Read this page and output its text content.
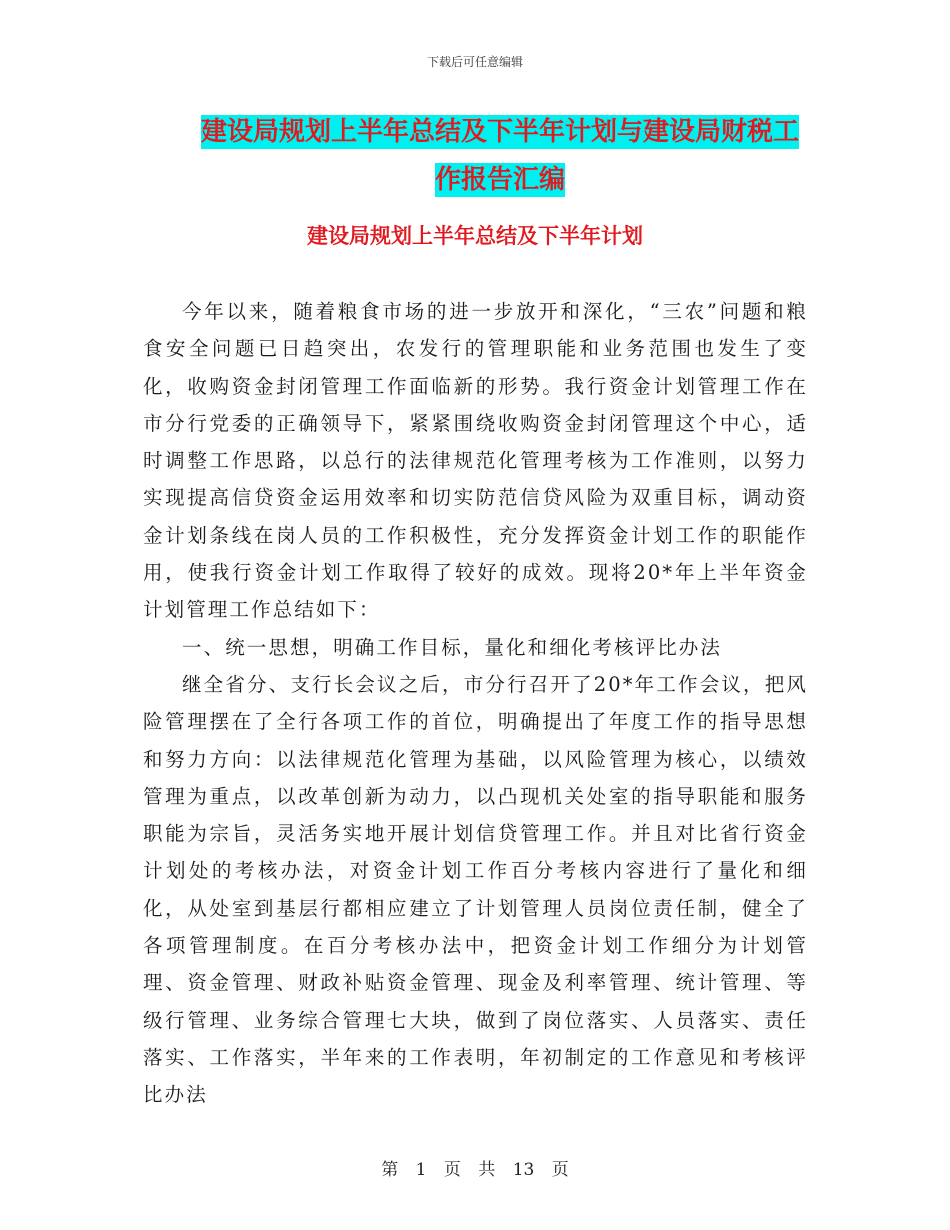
下载后可任意编辑
建设局规划上半年总结及下半年计划与建设局财税工
作报告汇编
建设局规划上半年总结及下半年计划

今年以来，随着粮食市场的进一步放开和深化，“三农”问题和粮食安全问题已日趋突出，农发行的管理职能和业务范围也发生了变化，收购资金封闭管理工作面临新的形势。我行资金计划管理工作在市分行党委的正确领导下，紧紧围绕收购资金封闭管理这个中心，适时调整工作思路，以总行的法律规范化管理考核为工作准则，以努力实现提高信贷资金运用效率和切实防范信贷风险为双重目标，调动资金计划条线在岗人员的工作积极性，充分发挥资金计划工作的职能作用，使我行资金计划工作取得了较好的成效。现将20*年上半年资金计划管理工作总结如下：

一、统一思想，明确工作目标，量化和细化考核评比办法

继全省分、支行长会议之后，市分行召开了20*年工作会议，把风险管理摆在了全行各项工作的首位，明确提出了年度工作的指导思想和努力方向：以法律规范化管理为基础，以风险管理为核心，以绩效管理为重点，以改革创新为动力，以凸现机关处室的指导职能和服务职能为宗旨，灵活务实地开展计划信贷管理工作。并且对比省行资金计划处的考核办法，对资金计划工作百分考核内容进行了量化和细化，从处室到基层行都相应建立了计划管理人员岗位责任制，健全了各项管理制度。在百分考核办法中，把资金计划工作细分为计划管理、资金管理、财政补贴资金管理、现金及利率管理、统计管理、等级行管理、业务综合管理七大块，做到了岗位落实、人员落实、责任落实、工作落实，半年来的工作表明，年初制定的工作意见和考核评比办法

第 1 页 共 13 页
